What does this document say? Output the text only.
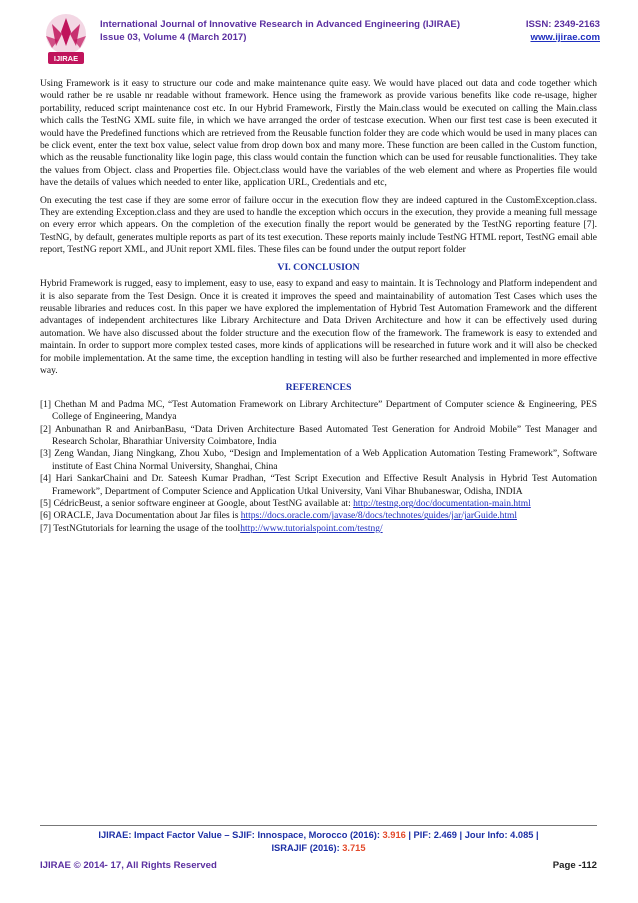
IJIRAE
International Journal of Innovative Research in Advanced Engineering (IJIRAE)
Issue 03, Volume 4 (March 2017)
ISSN: 2349-2163
www.ijirae.com

Using Framework is it easy to structure our code and make maintenance quite easy. We would have placed out data and code together which would rather be re usable nr readable without framework. Hence using the framework as provide various benefits like code re-usage, higher portability, reduced script maintenance cost etc. In our Hybrid Framework, Firstly the Main.class would be executed on calling the Main.class which calls the TestNG XML suite file, in which we have arranged the order of testcase execution. When our first test case is been executed it would have the Predefined functions which are retrieved from the Reusable function folder they are code which would be used in many places can be click event, enter the text box value, select value from drop down box and many more. These function are been called in the Custom function, which as the reusable functionality like login page, this class would contain the function which can be used for reusable functionalities. They take the values from Object. class and Properties file. Object.class would have the variables of the web element and where as Properties file would have the details of values which needed to enter like, application URL, Credentials and etc,

On executing the test case if they are some error of failure occur in the execution flow they are indeed captured in the CustomException.class. They are extending Exception.class and they are used to handle the exception which occurs in the execution, they provide a meaning full message on every error which appears. On the completion of the execution finally the report would be generated by the TestNG reporting feature [7]. TestNG, by default, generates multiple reports as part of its test execution. These reports mainly include TestNG HTML report, TestNG email able report, TestNG report XML, and JUnit report XML files. These files can be found under the output report folder

VI. CONCLUSION

Hybrid Framework is rugged, easy to implement, easy to use, easy to expand and easy to maintain. It is Technology and Platform independent and it is also separate from the Test Design. Once it is created it improves the speed and maintainability of automation Test Cases which uses the reusable libraries and reduces cost. In this paper we have explored the implementation of Hybrid Test Automation Framework and the different advantages of independent architectures like Library Architecture and Data Driven Architecture and how it can be effectively used during automation. We have also discussed about the folder structure and the execution flow of the framework. The framework is easy to extended and maintain. In order to support more complex tested cases, more kinds of applications will be researched in future work and it will also be checked for mobile implementation. At the same time, the exception handling in testing will also be further researched and implemented in more effective way.

REFERENCES

[1] Chethan M and Padma MC, “Test Automation Framework on Library Architecture” Department of Computer science & Engineering, PES College of Engineering, Mandya

[2] Anbunathan R and AnirbanBasu, “Data Driven Architecture Based Automated Test Generation for Android Mobile” Test Manager and Research Scholar, Bharathiar University Coimbatore, India

[3] Zeng Wandan, Jiang Ningkang, Zhou Xubo, “Design and Implementation of a Web Application Automation Testing Framework”, Software institute of East China Normal University, Shanghai, China

[4] Hari SankarChaini and Dr. Sateesh Kumar Pradhan, “Test Script Execution and Effective Result Analysis in Hybrid Test Automation Framework”, Department of Computer Science and Application Utkal University, Vani Vihar Bhubaneswar, Odisha, INDIA

[5] CédricBeust, a senior software engineer at Google, about TestNG available at: http://testng.org/doc/documentation-main.html

[6] ORACLE, Java Documentation about Jar files is https://docs.oracle.com/javase/8/docs/technotes/guides/jar/jarGuide.html

[7] TestNGtutorials for learning the usage of the toolhttp://www.tutorialspoint.com/testng/

IJIRAE: Impact Factor Value – SJIF: Innospace, Morocco (2016): 3.916 | PIF: 2.469 | Jour Info: 4.085 |
ISRAJIF (2016): 3.715
IJIRAE © 2014- 17, All Rights Reserved	Page -112
